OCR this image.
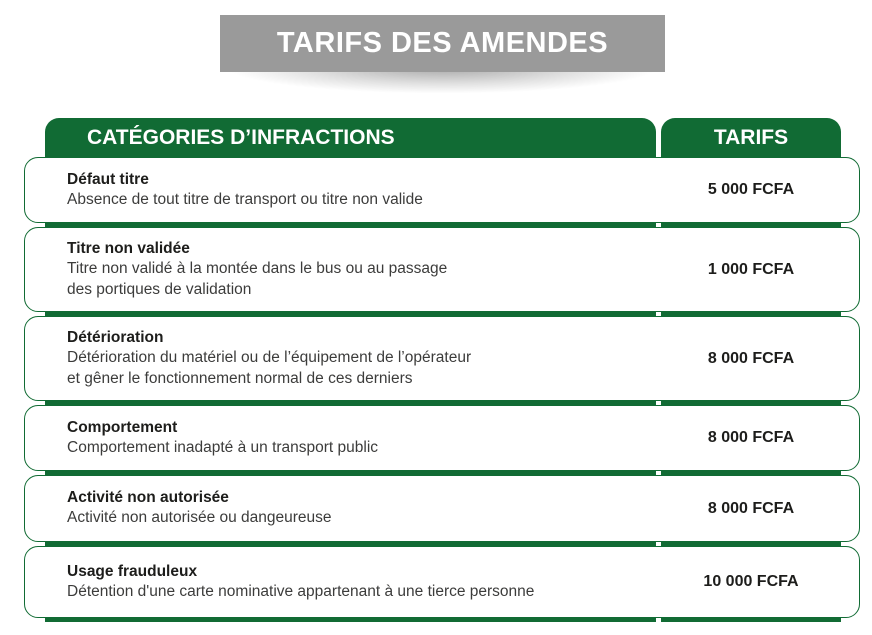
TARIFS DES AMENDES
CATÉGORIES D’INFRACTIONS	TARIFS
Défaut titre
Absence de tout titre de transport ou titre non valide
5 000 FCFA
Titre non validée
Titre non validé à la montée dans le bus ou au passage
des portiques de validation
1 000 FCFA
Détérioration
Détérioration du matériel ou de l’équipement de l’opérateur
et gêner le fonctionnement normal de ces derniers
8 000 FCFA
Comportement
Comportement inadapté à un transport public
8 000 FCFA
Activité non autorisée
Activité non autorisée ou dangeureuse
8 000 FCFA
Usage frauduleux
Détention d'une carte nominative appartenant à une tierce personne
10 000 FCFA
